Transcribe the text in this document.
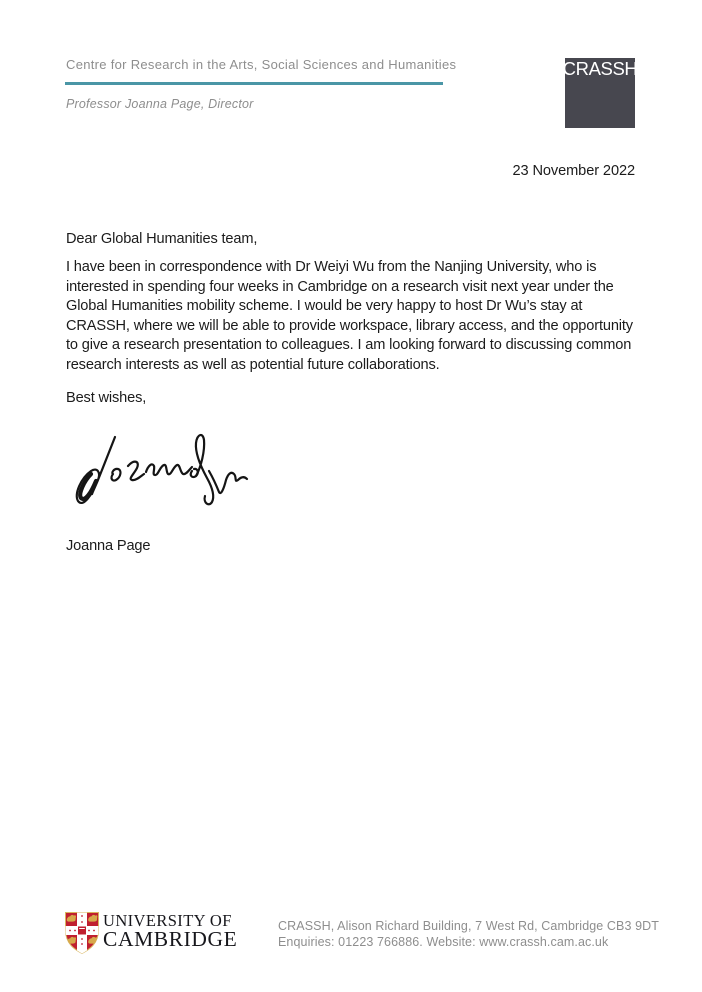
Centre for Research in the Arts, Social Sciences and Humanities
Professor Joanna Page, Director
CRASSH
23 November 2022
Dear Global Humanities team,
I have been in correspondence with Dr Weiyi Wu from the Nanjing University, who is interested in spending four weeks in Cambridge on a research visit next year under the Global Humanities mobility scheme. I would be very happy to host Dr Wu’s stay at CRASSH, where we will be able to provide workspace, library access, and the opportunity to give a research presentation to colleagues. I am looking forward to discussing common research interests as well as potential future collaborations.
Best wishes,
Joanna Page
UNIVERSITY OF
CAMBRIDGE
CRASSH, Alison Richard Building, 7 West Rd, Cambridge CB3 9DT
Enquiries: 01223 766886. Website: www.crassh.cam.ac.uk
